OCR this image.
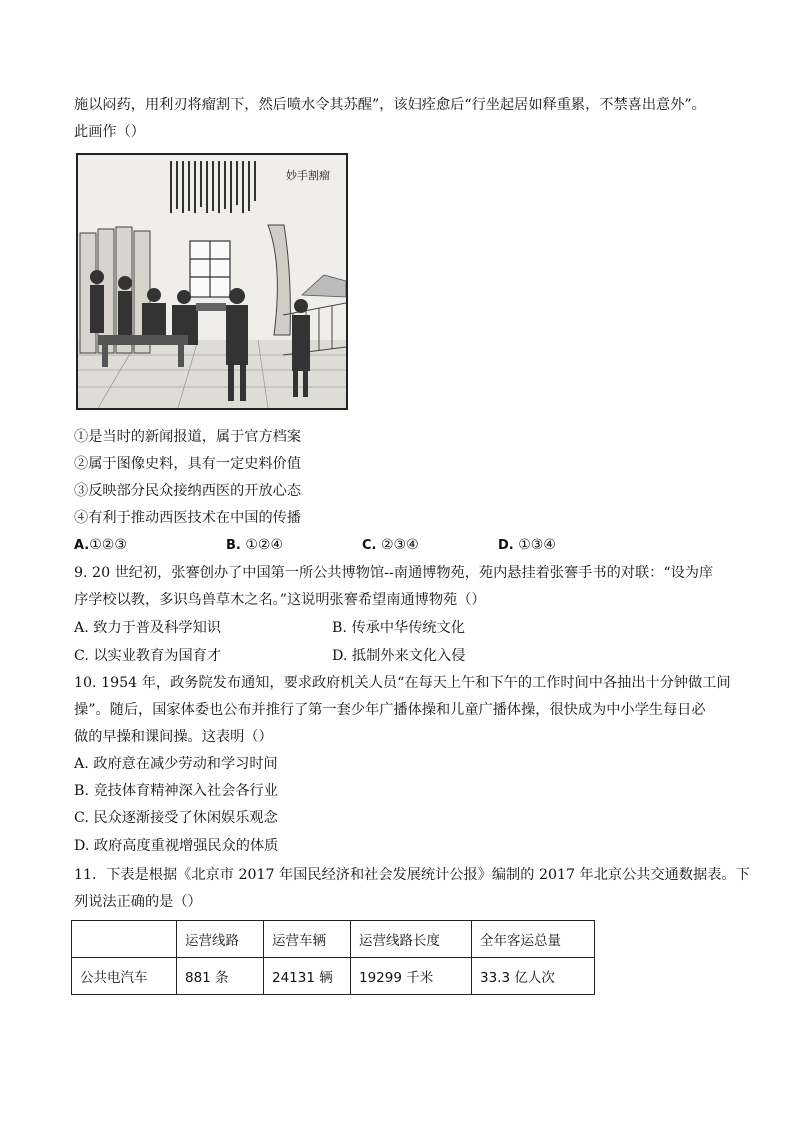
施以闷药，用利刃将瘤割下，然后喷水令其苏醒”，该妇痊愈后“行坐起居如释重累，不禁喜出意外”。
此画作（）
妙手割瘤
①是当时的新闻报道，属于官方档案
②属于图像史料，具有一定史料价值
③反映部分民众接纳西医的开放心态
④有利于推动西医技术在中国的传播
A.①②③	B. ①②④	C. ②③④	D. ①③④
9. 20 世纪初，张謇创办了中国第一所公共博物馆--南通博物苑，苑内悬挂着张謇手书的对联：“设为庠
序学校以教，多识鸟兽草木之名。”这说明张謇希望南通博物苑（）
A. 致力于普及科学知识	B. 传承中华传统文化
C. 以实业教育为国育才	D. 抵制外来文化入侵
10. 1954 年，政务院发布通知，要求政府机关人员“在每天上午和下午的工作时间中各抽出十分钟做工间
操”。随后，国家体委也公布并推行了第一套少年广播体操和儿童广播体操，很快成为中小学生每日必
做的早操和课间操。这表明（）
A. 政府意在减少劳动和学习时间
B. 竞技体育精神深入社会各行业
C. 民众逐渐接受了休闲娱乐观念
D. 政府高度重视增强民众的体质
11．下表是根据《北京市 2017 年国民经济和社会发展统计公报》编制的 2017 年北京公共交通数据表。下
列说法正确的是（）
	运营线路	运营车辆	运营线路长度	全年客运总量
公共电汽车	881 条	24131 辆	19299 千米	33.3 亿人次
